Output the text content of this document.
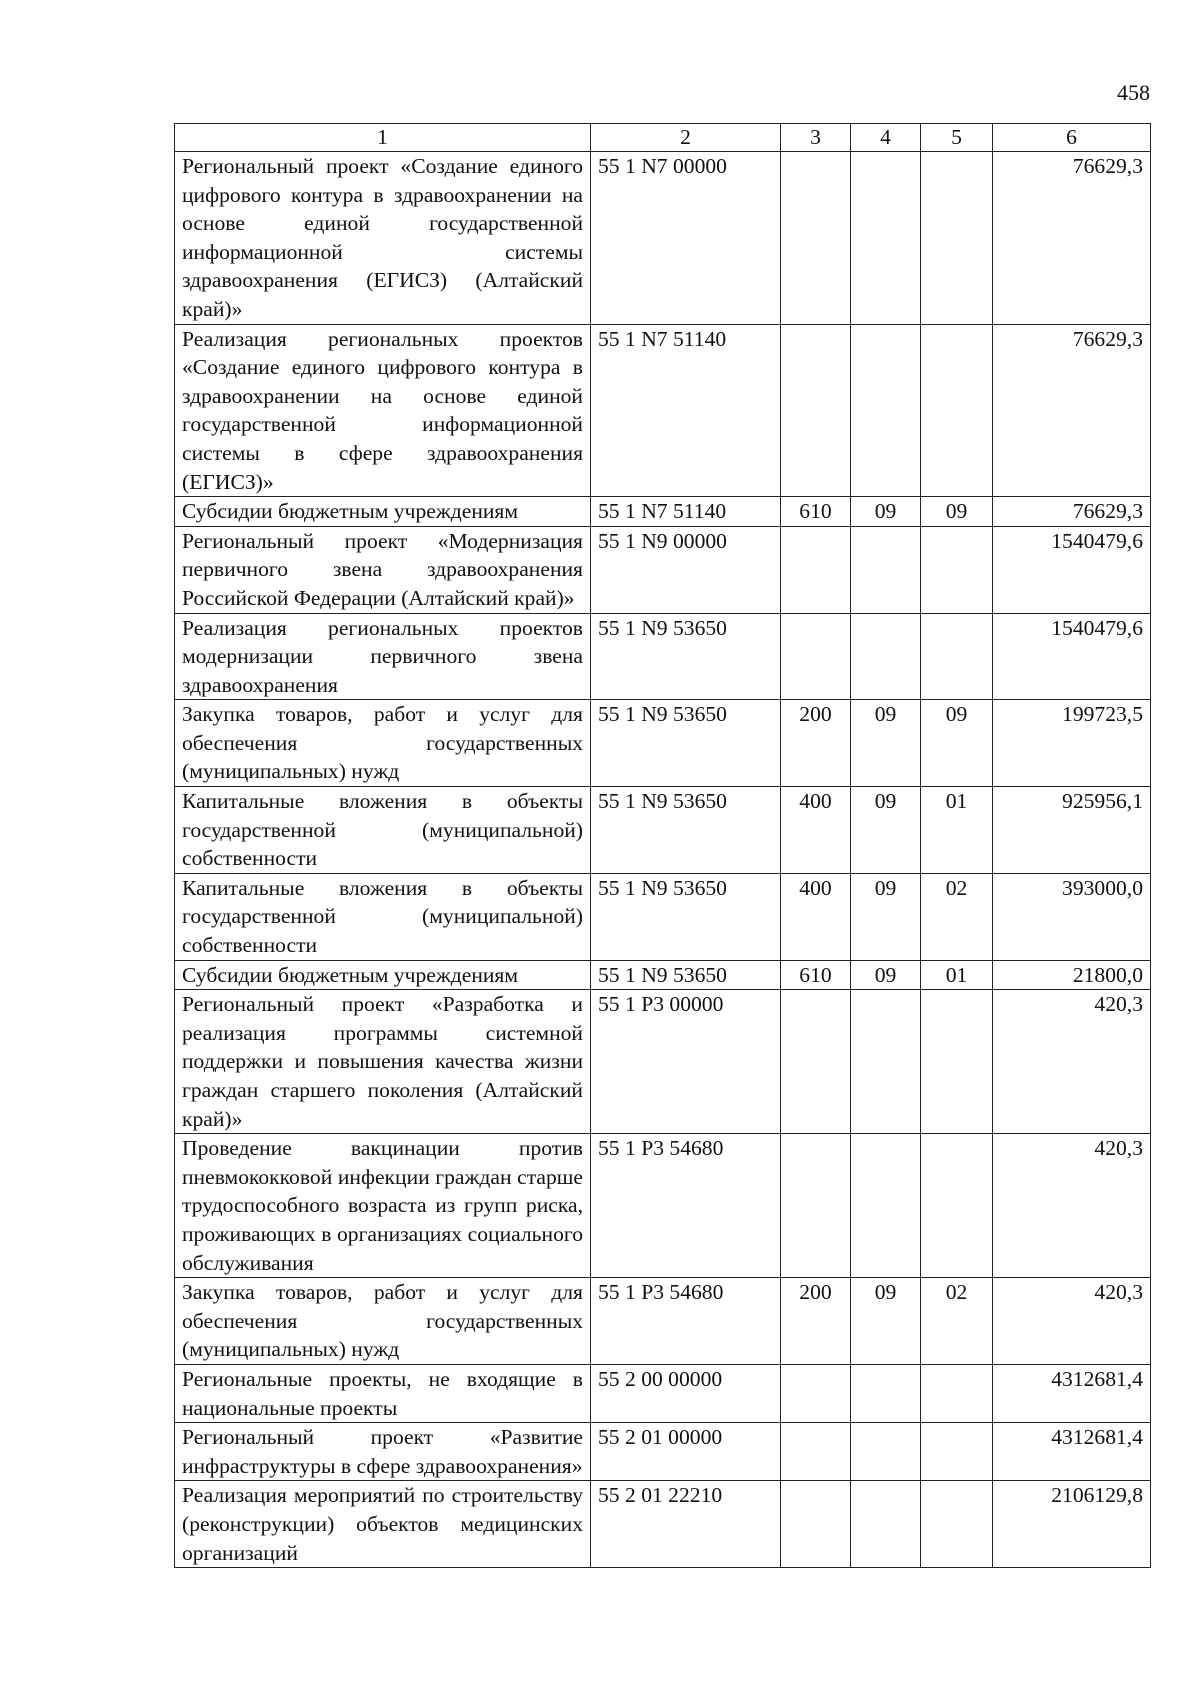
458
1	2	3	4	5	6
Региональный проект «Создание единого цифрового контура в здравоохранении на основе единой государственной информационной системы здравоохранения (ЕГИСЗ) (Алтайский край)»	55 1 N7 00000				76629,3
Реализация региональных проектов «Создание единого цифрового контура в здравоохранении на основе единой государственной информационной системы в сфере здравоохранения (ЕГИСЗ)»	55 1 N7 51140				76629,3
Субсидии бюджетным учреждениям	55 1 N7 51140	610	09	09	76629,3
Региональный проект «Модернизация первичного звена здравоохранения Российской Федерации (Алтайский край)»	55 1 N9 00000				1540479,6
Реализация региональных проектов модернизации первичного звена здравоохранения	55 1 N9 53650				1540479,6
Закупка товаров, работ и услуг для обеспечения государственных (муниципальных) нужд	55 1 N9 53650	200	09	09	199723,5
Капитальные вложения в объекты государственной (муниципальной) собственности	55 1 N9 53650	400	09	01	925956,1
Капитальные вложения в объекты государственной (муниципальной) собственности	55 1 N9 53650	400	09	02	393000,0
Субсидии бюджетным учреждениям	55 1 N9 53650	610	09	01	21800,0
Региональный проект «Разработка и реализация программы системной поддержки и повышения качества жизни граждан старшего поколения (Алтайский край)»	55 1 P3 00000				420,3
Проведение вакцинации против пневмококковой инфекции граждан старше трудоспособного возраста из групп риска, проживающих в организациях социального обслуживания	55 1 P3 54680				420,3
Закупка товаров, работ и услуг для обеспечения государственных (муниципальных) нужд	55 1 P3 54680	200	09	02	420,3
Региональные проекты, не входящие в национальные проекты	55 2 00 00000				4312681,4
Региональный проект «Развитие инфраструктуры в сфере здравоохранения»	55 2 01 00000				4312681,4
Реализация мероприятий по строительству (реконструкции) объектов медицинских организаций	55 2 01 22210				2106129,8
